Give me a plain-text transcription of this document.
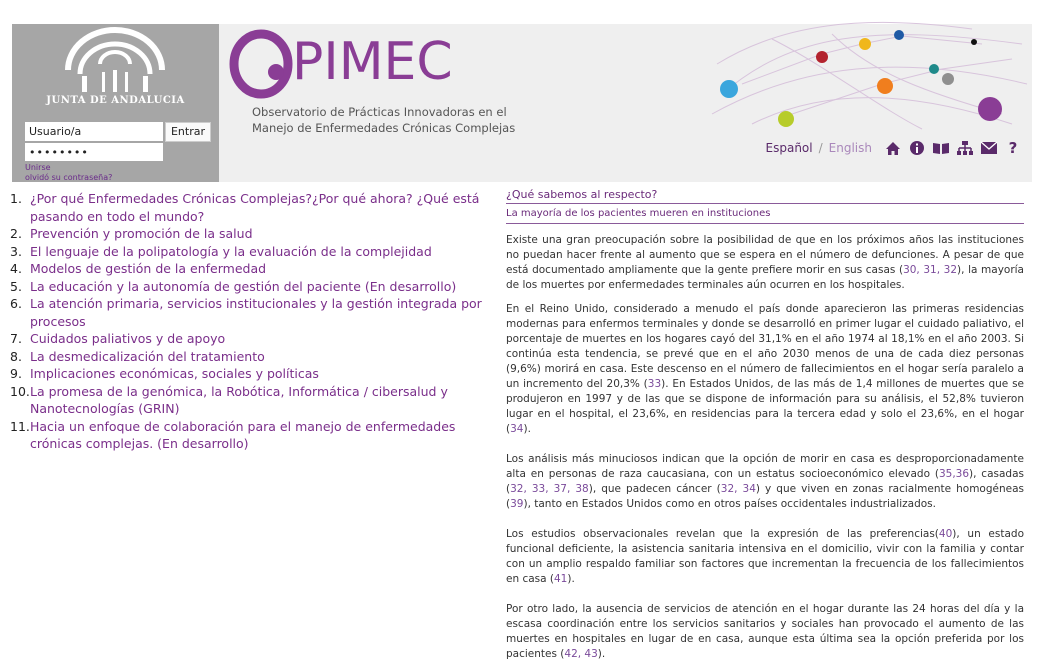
JUNTA DE ANDALUCIA
Usuario/a
••••••••
Entrar
Unirse
olvidó su contraseña?
PIMEC
Observatorio de Prácticas Innovadoras en el
Manejo de Enfermedades Crónicas Complejas
Español / English	?
1. ¿Por qué Enfermedades Crónicas Complejas?¿Por qué ahora? ¿Qué está pasando en todo el mundo?
2. Prevención y promoción de la salud
3. El lenguaje de la polipatología y la evaluación de la complejidad
4. Modelos de gestión de la enfermedad
5. La educación y la autonomía de gestión del paciente (En desarrollo)
6. La atención primaria, servicios institucionales y la gestión integrada por procesos
7. Cuidados paliativos y de apoyo
8. La desmedicalización del tratamiento
9. Implicaciones económicas, sociales y políticas
10. La promesa de la genómica, la Robótica, Informática / cibersalud y Nanotecnologías (GRIN)
11. Hacia un enfoque de colaboración para el manejo de enfermedades crónicas complejas. (En desarrollo)
¿Qué sabemos al respecto?
La mayoría de los pacientes mueren en instituciones

Existe una gran preocupación sobre la posibilidad de que en los próximos años las instituciones no puedan hacer frente al aumento que se espera en el número de defunciones. A pesar de que está documentado ampliamente que la gente prefiere morir en sus casas (30, 31, 32), la mayoría de los muertes por enfermedades terminales aún ocurren en los hospitales.

En el Reino Unido, considerado a menudo el país donde aparecieron las primeras residencias modernas para enfermos terminales y donde se desarrolló en primer lugar el cuidado paliativo, el porcentaje de muertes en los hogares cayó del 31,1% en el año 1974 al 18,1% en el año 2003. Si continúa esta tendencia, se prevé que en el año 2030 menos de una de cada diez personas (9,6%) morirá en casa. Este descenso en el número de fallecimientos en el hogar sería paralelo a un incremento del 20,3% (33). En Estados Unidos, de las más de 1,4 millones de muertes que se produjeron en 1997 y de las que se dispone de información para su análisis, el 52,8% tuvieron lugar en el hospital, el 23,6%, en residencias para la tercera edad y solo el 23,6%, en el hogar (34).

Los análisis más minuciosos indican que la opción de morir en casa es desproporcionadamente alta en personas de raza caucasiana, con un estatus socioeconómico elevado (35,36), casadas (32, 33, 37, 38), que padecen cáncer (32, 34) y que viven en zonas racialmente homogéneas (39), tanto en Estados Unidos como en otros países occidentales industrializados.

Los estudios observacionales revelan que la expresión de las preferencias(40), un estado funcional deficiente, la asistencia sanitaria intensiva en el domicilio, vivir con la familia y contar con un amplio respaldo familiar son factores que incrementan la frecuencia de los fallecimientos en casa (41).

Por otro lado, la ausencia de servicios de atención en el hogar durante las 24 horas del día y la escasa coordinación entre los servicios sanitarios y sociales han provocado el aumento de las muertes en hospitales en lugar de en casa, aunque esta última sea la opción preferida por los pacientes (42, 43).
